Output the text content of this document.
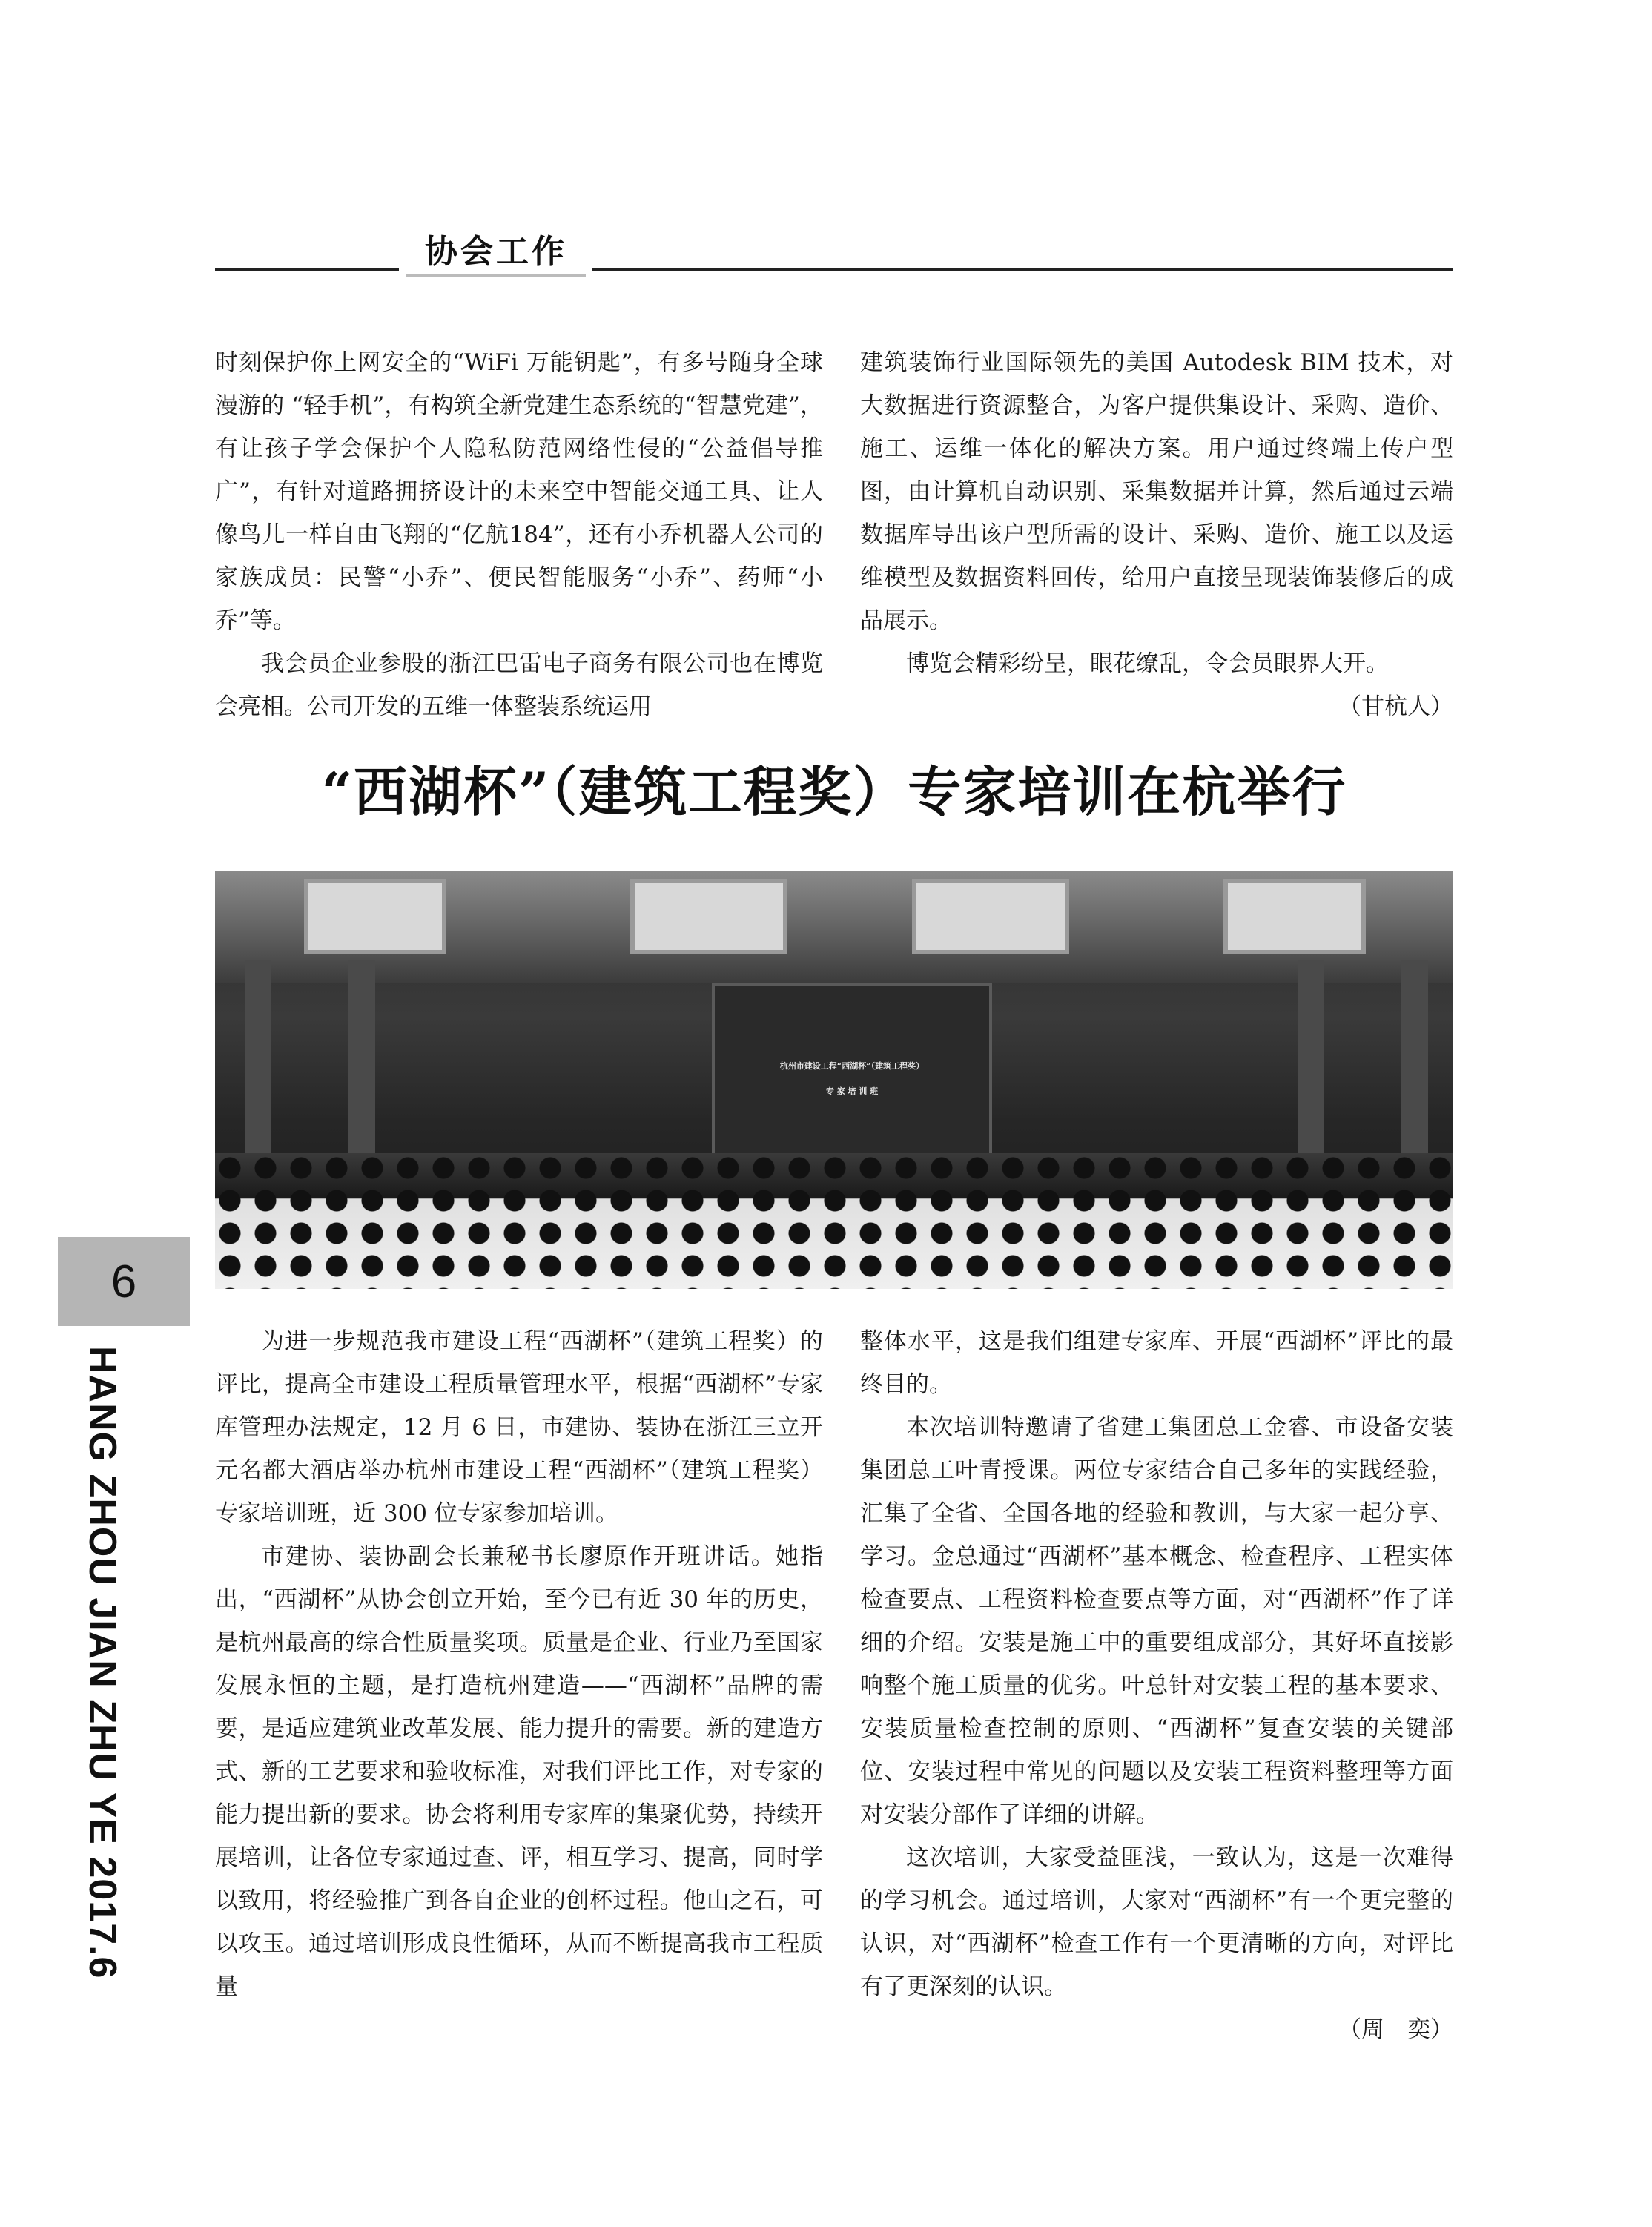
协会工作

时刻保护你上网安全的“WiFi 万能钥匙”，有多号随身全球漫游的 “轻手机”，有构筑全新党建生态系统的“智慧党建”，有让孩子学会保护个人隐私防范网络性侵的“公益倡导推广”，有针对道路拥挤设计的未来空中智能交通工具、让人像鸟儿一样自由飞翔的“亿航184”，还有小乔机器人公司的家族成员：民警“小乔”、便民智能服务“小乔”、药师“小乔”等。

我会员企业参股的浙江巴雷电子商务有限公司也在博览会亮相。公司开发的五维一体整装系统运用

建筑装饰行业国际领先的美国 Autodesk BIM 技术，对大数据进行资源整合，为客户提供集设计、采购、造价、施工、运维一体化的解决方案。用户通过终端上传户型图，由计算机自动识别、采集数据并计算，然后通过云端数据库导出该户型所需的设计、采购、造价、施工以及运维模型及数据资料回传，给用户直接呈现装饰装修后的成品展示。

博览会精彩纷呈，眼花缭乱，令会员眼界大开。

（甘杭人）

“西湖杯”（建筑工程奖）专家培训在杭举行
杭州市建设工程“西湖杯”（建筑工程奖）
专 家 培 训 班

为进一步规范我市建设工程“西湖杯”（建筑工程奖）的评比，提高全市建设工程质量管理水平，根据“西湖杯”专家库管理办法规定，12 月 6 日，市建协、装协在浙江三立开元名都大酒店举办杭州市建设工程“西湖杯”（建筑工程奖）专家培训班，近 300 位专家参加培训。

市建协、装协副会长兼秘书长廖原作开班讲话。她指出，“西湖杯”从协会创立开始，至今已有近 30 年的历史，是杭州最高的综合性质量奖项。质量是企业、行业乃至国家发展永恒的主题，是打造杭州建造——“西湖杯”品牌的需要，是适应建筑业改革发展、能力提升的需要。新的建造方式、新的工艺要求和验收标准，对我们评比工作，对专家的能力提出新的要求。协会将利用专家库的集聚优势，持续开展培训，让各位专家通过查、评，相互学习、提高，同时学以致用，将经验推广到各自企业的创杯过程。他山之石，可以攻玉。通过培训形成良性循环，从而不断提高我市工程质量

整体水平，这是我们组建专家库、开展“西湖杯”评比的最终目的。

本次培训特邀请了省建工集团总工金睿、市设备安装集团总工叶青授课。两位专家结合自己多年的实践经验，汇集了全省、全国各地的经验和教训，与大家一起分享、学习。金总通过“西湖杯”基本概念、检查程序、工程实体检查要点、工程资料检查要点等方面，对“西湖杯”作了详细的介绍。安装是施工中的重要组成部分，其好坏直接影响整个施工质量的优劣。叶总针对安装工程的基本要求、安装质量检查控制的原则、“西湖杯”复查安装的关键部位、安装过程中常见的问题以及安装工程资料整理等方面对安装分部作了详细的讲解。

这次培训，大家受益匪浅，一致认为，这是一次难得的学习机会。通过培训，大家对“西湖杯”有一个更完整的认识，对“西湖杯”检查工作有一个更清晰的方向，对评比有了更深刻的认识。

（周　奕）

6
HANG ZHOU JIAN ZHU YE 2017.6
